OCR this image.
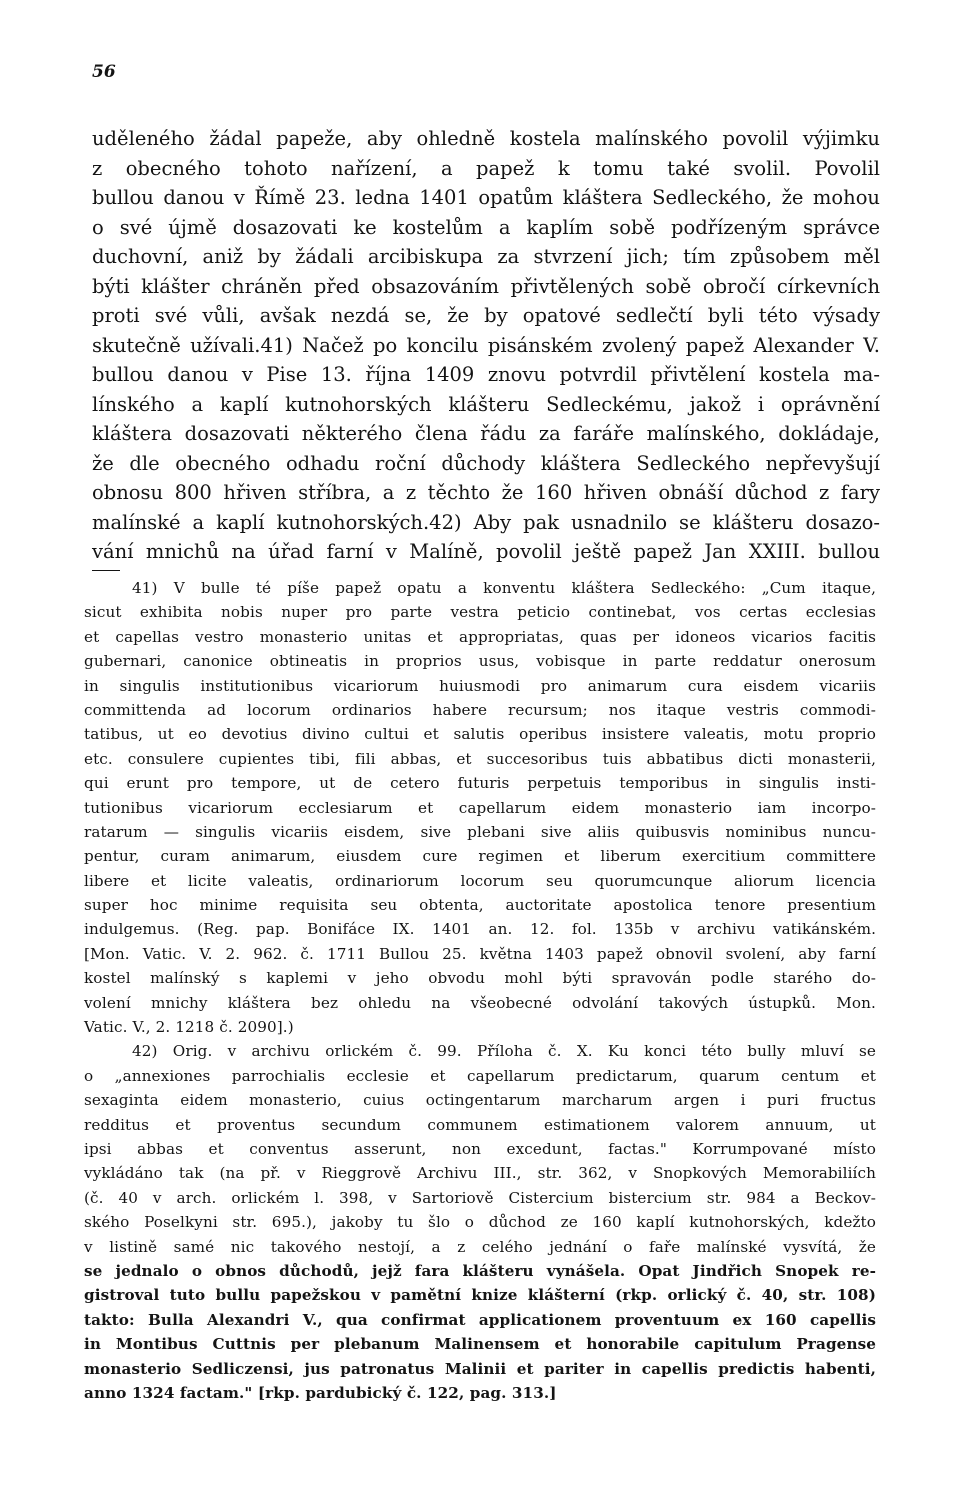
56
uděleného žádal papeže, aby ohledně kostela malínského povolil výjimku
z obecného tohoto nařízení, a papež k tomu také svolil. Povolil
bullou danou v Římě 23. ledna 1401 opatům kláštera Sedleckého, že mohou
o své újmě dosazovati ke kostelům a kaplím sobě podřízeným správce
duchovní, aniž by žádali arcibiskupa za stvrzení jich; tím způsobem měl
býti klášter chráněn před obsazováním přivtělených sobě obročí církevních
proti své vůli, avšak nezdá se, že by opatové sedlečtí byli této výsady
skutečně užívali.41) Načež po koncilu pisánském zvolený papež Alexander V.
bullou danou v Pise 13. října 1409 znovu potvrdil přivtělení kostela ma-
línského a kaplí kutnohorských klášteru Sedleckému, jakož i oprávnění
kláštera dosazovati některého člena řádu za faráře malínského, dokládaje,
že dle obecného odhadu roční důchody kláštera Sedleckého nepřevyšují
obnosu 800 hřiven stříbra, a z těchto že 160 hřiven obnáší důchod z fary
malínské a kaplí kutnohorských.42) Aby pak usnadnilo se klášteru dosazo-
vání mnichů na úřad farní v Malíně, povolil ještě papež Jan XXIII. bullou
41) V bulle té píše papež opatu a konventu kláštera Sedleckého: „Cum itaque,
sicut exhibita nobis nuper pro parte vestra peticio continebat, vos certas ecclesias
et capellas vestro monasterio unitas et appropriatas, quas per idoneos vicarios facitis
gubernari, canonice obtineatis in proprios usus, vobisque in parte reddatur onerosum
in singulis institutionibus vicariorum huiusmodi pro animarum cura eisdem vicariis
committenda ad locorum ordinarios habere recursum; nos itaque vestris commodi-
tatibus, ut eo devotius divino cultui et salutis operibus insistere valeatis, motu proprio
etc. consulere cupientes tibi, fili abbas, et succesoribus tuis abbatibus dicti monasterii,
qui erunt pro tempore, ut de cetero futuris perpetuis temporibus in singulis insti-
tutionibus vicariorum ecclesiarum et capellarum eidem monasterio iam incorpo-
ratarum — singulis vicariis eisdem, sive plebani sive aliis quibusvis nominibus nuncu-
pentur, curam animarum, eiusdem cure regimen et liberum exercitium committere
libere et licite valeatis, ordinariorum locorum seu quorumcunque aliorum licencia
super hoc minime requisita seu obtenta, auctoritate apostolica tenore presentium
indulgemus. (Reg. pap. Bonifáce IX. 1401 an. 12. fol. 135b v archivu vatikánském.
[Mon. Vatic. V. 2. 962. č. 1711 Bullou 25. května 1403 papež obnovil svolení, aby farní
kostel malínský s kaplemi v jeho obvodu mohl býti spravován podle starého do-
volení mnichy kláštera bez ohledu na všeobecné odvolání takových ústupků. Mon.
Vatic. V., 2. 1218 č. 2090].)
42) Orig. v archivu orlickém č. 99. Příloha č. X. Ku konci této bully mluví se
o „annexiones parrochialis ecclesie et capellarum predictarum, quarum centum et
sexaginta eidem monasterio, cuius octingentarum marcharum argen i puri fructus
redditus et proventus secundum communem estimationem valorem annuum, ut
ipsi abbas et conventus asserunt, non excedunt, factas." Korrumpované místo
vykládáno tak (na př. v Rieggrově Archivu III., str. 362, v Snopkových Memorabiliích
(č. 40 v arch. orlickém l. 398, v Sartoriově Cistercium bistercium str. 984 a Beckov-
ského Poselkyni str. 695.), jakoby tu šlo o důchod ze 160 kaplí kutnohorských, kdežto
v listině samé nic takového nestojí, a z celého jednání o faře malínské vysvítá, že
se jednalo o obnos důchodů, jejž fara klášteru vynášela. Opat Jindřich Snopek re-
gistroval tuto bullu papežskou v pamětní knize klášterní (rkp. orlický č. 40, str. 108)
takto: Bulla Alexandri V., qua confirmat applicationem proventuum ex 160 capellis
in Montibus Cuttnis per plebanum Malinensem et honorabile capitulum Pragense
monasterio Sedliczensi, jus patronatus Malinii et pariter in capellis predictis habenti,
anno 1324 factam." [rkp. pardubický č. 122, pag. 313.]
